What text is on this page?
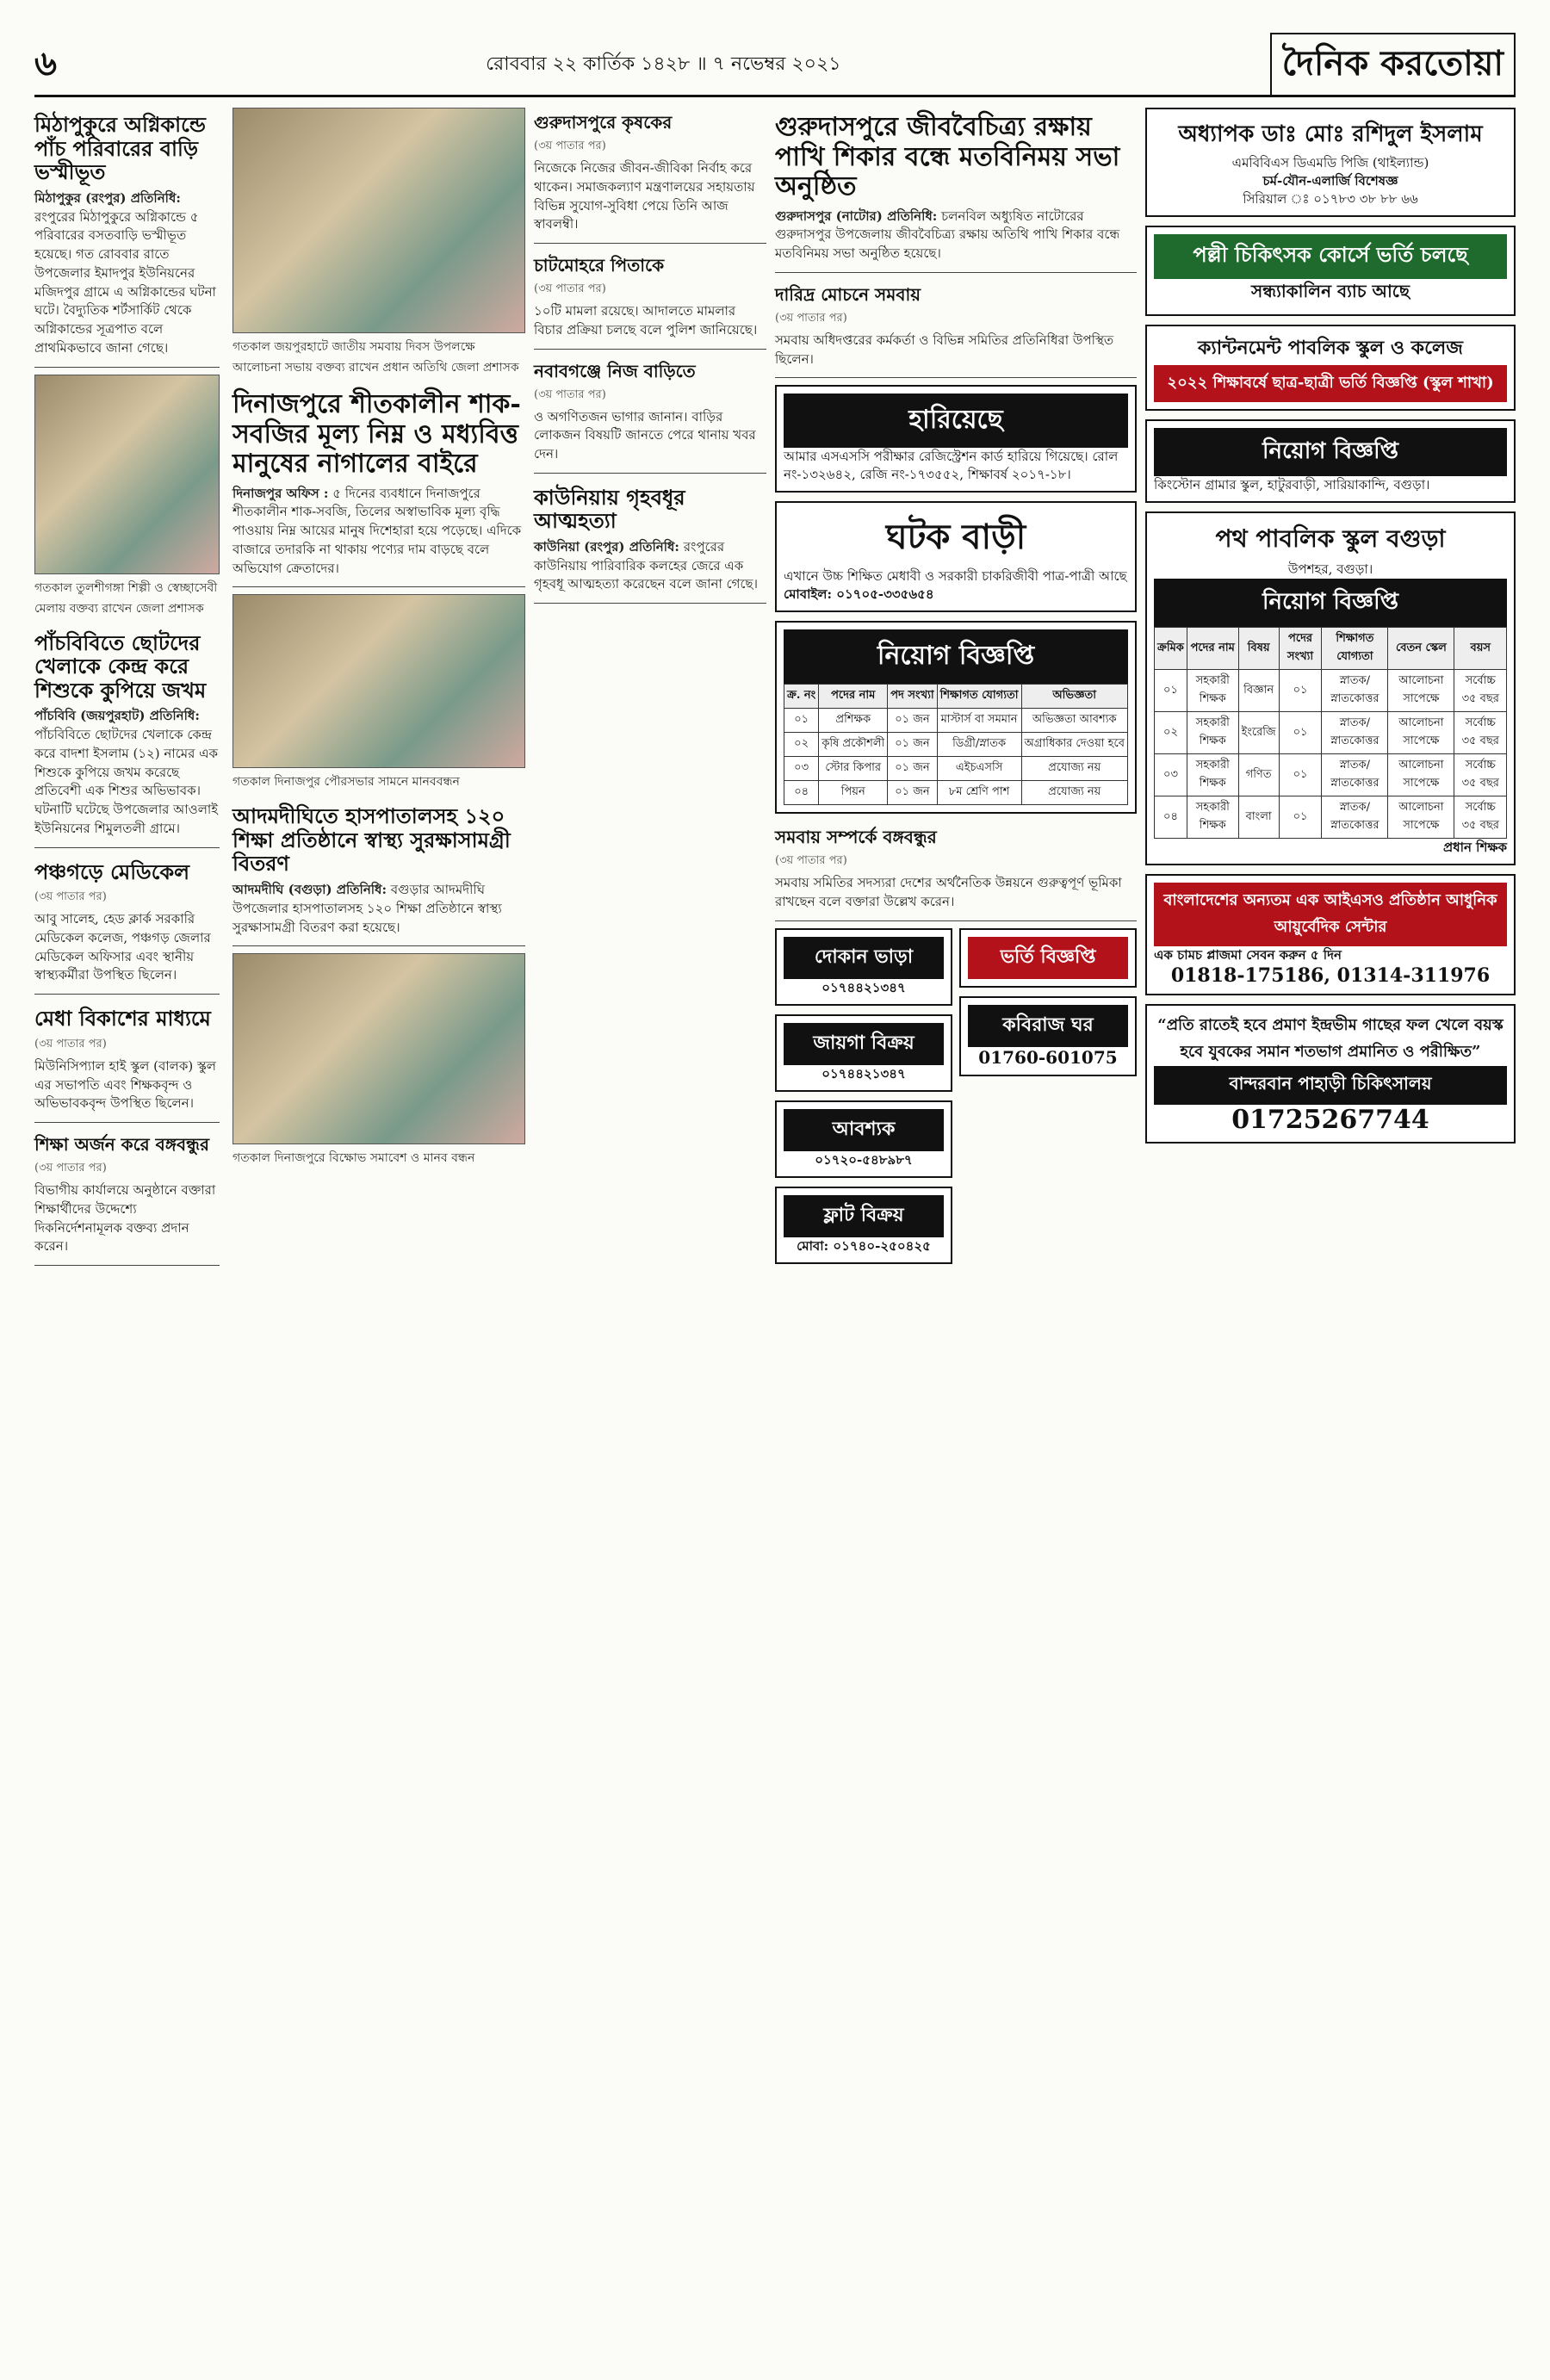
৬	রোববার ২২ কার্তিক ১৪২৮ ॥ ৭ নভেম্বর ২০২১	দৈনিক করতোয়া
মিঠাপুকুরে অগ্নিকান্ডে পাঁচ পরিবারের বাড়ি ভস্মীভূত
মিঠাপুকুর (রংপুর) প্রতিনিধি: রংপুরের মিঠাপুকুরে অগ্নিকান্ডে ৫ পরিবারের বসতবাড়ি ভস্মীভূত হয়েছে। গত রোববার রাতে উপজেলার ইমাদপুর ইউনিয়নের মজিদপুর গ্রামে এ অগ্নিকান্ডের ঘটনা ঘটে। বৈদ্যুতিক শর্টসার্কিট থেকে অগ্নিকান্ডের সূত্রপাত বলে প্রাথমিকভাবে জানা গেছে।
গতকাল তুলশীগঙ্গা শিল্পী ও স্বেচ্ছাসেবী মেলায় বক্তব্য রাখেন জেলা প্রশাসক
পাঁচবিবিতে ছোটদের খেলাকে কেন্দ্র করে শিশুকে কুপিয়ে জখম
পাঁচবিবি (জয়পুরহাট) প্রতিনিধি: পাঁচবিবিতে ছোটদের খেলাকে কেন্দ্র করে বাদশা ইসলাম (১২) নামের এক শিশুকে কুপিয়ে জখম করেছে প্রতিবেশী এক শিশুর অভিভাবক। ঘটনাটি ঘটেছে উপজেলার আওলাই ইউনিয়নের শিমুলতলী গ্রামে।
পঞ্চগড়ে মেডিকেল
(৩য় পাতার পর)
আবু সালেহ, হেড ক্লার্ক সরকারি মেডিকেল কলেজ, পঞ্চগড় জেলার মেডিকেল অফিসার এবং স্থানীয় স্বাস্থ্যকর্মীরা উপস্থিত ছিলেন।
মেধা বিকাশের মাধ্যমে
(৩য় পাতার পর)
মিউনিসিপ্যাল হাই স্কুল (বালক) স্কুল এর সভাপতি এবং শিক্ষকবৃন্দ ও অভিভাবকবৃন্দ উপস্থিত ছিলেন।
শিক্ষা অর্জন করে বঙ্গবন্ধুর
(৩য় পাতার পর)
বিভাগীয় কার্যালয়ে অনুষ্ঠানে বক্তারা শিক্ষার্থীদের উদ্দেশ্যে দিকনির্দেশনামূলক বক্তব্য প্রদান করেন।
গতকাল জয়পুরহাটে জাতীয় সমবায় দিবস উপলক্ষে আলোচনা সভায় বক্তব্য রাখেন প্রধান অতিথি জেলা প্রশাসক
দিনাজপুরে শীতকালীন শাক-সবজির মূল্য নিম্ন ও মধ্যবিত্ত মানুষের নাগালের বাইরে
দিনাজপুর অফিস : ৫ দিনের ব্যবধানে দিনাজপুরে শীতকালীন শাক-সবজি, তিলের অস্বাভাবিক মূল্য বৃদ্ধি পাওয়ায় নিম্ন আয়ের মানুষ দিশেহারা হয়ে পড়েছে। এদিকে বাজারে তদারকি না থাকায় পণ্যের দাম বাড়ছে বলে অভিযোগ ক্রেতাদের।
গতকাল দিনাজপুর পৌরসভার সামনে মানববন্ধন
আদমদীঘিতে হাসপাতালসহ ১২০ শিক্ষা প্রতিষ্ঠানে স্বাস্থ্য সুরক্ষাসামগ্রী বিতরণ
আদমদীঘি (বগুড়া) প্রতিনিধি: বগুড়ার আদমদীঘি উপজেলার হাসপাতালসহ ১২০ শিক্ষা প্রতিষ্ঠানে স্বাস্থ্য সুরক্ষাসামগ্রী বিতরণ করা হয়েছে।
গতকাল দিনাজপুরে বিক্ষোভ সমাবেশ ও মানব বন্ধন
গুরুদাসপুরে কৃষকের
(৩য় পাতার পর)
নিজেকে নিজের জীবন-জীবিকা নির্বাহ করে থাকেন। সমাজকল্যাণ মন্ত্রণালয়ের সহায়তায় বিভিন্ন সুযোগ-সুবিধা পেয়ে তিনি আজ স্বাবলম্বী।
চাটমোহরে পিতাকে
(৩য় পাতার পর)
১০টি মামলা রয়েছে। আদালতে মামলার বিচার প্রক্রিয়া চলছে বলে পুলিশ জানিয়েছে।
নবাবগঞ্জে নিজ বাড়িতে
(৩য় পাতার পর)
ও অগণিতজন ভাগার জানান। বাড়ির লোকজন বিষয়টি জানতে পেরে থানায় খবর দেন।
কাউনিয়ায় গৃহবধূর আত্মহত্যা
কাউনিয়া (রংপুর) প্রতিনিধি: রংপুরের কাউনিয়ায় পারিবারিক কলহের জেরে এক গৃহবধূ আত্মহত্যা করেছেন বলে জানা গেছে।
গুরুদাসপুরে জীববৈচিত্র্য রক্ষায় পাখি শিকার বন্ধে মতবিনিময় সভা অনুষ্ঠিত
গুরুদাসপুর (নাটোর) প্রতিনিধি: চলনবিল অধ্যুষিত নাটোরের গুরুদাসপুর উপজেলায় জীববৈচিত্র্য রক্ষায় অতিথি পাখি শিকার বন্ধে মতবিনিময় সভা অনুষ্ঠিত হয়েছে।
দারিদ্র মোচনে সমবায়
(৩য় পাতার পর)
সমবায় অধিদপ্তরের কর্মকর্তা ও বিভিন্ন সমিতির প্রতিনিধিরা উপস্থিত ছিলেন।
হারিয়েছে
আমার এসএসসি পরীক্ষার রেজিস্ট্রেশন কার্ড হারিয়ে গিয়েছে। রোল নং-১৩২৬৪২, রেজি নং-১৭৩৫৫২, শিক্ষাবর্ষ ২০১৭-১৮।
ঘটক বাড়ী
এখানে উচ্চ শিক্ষিত মেধাবী ও সরকারী চাকরিজীবী পাত্র-পাত্রী আছে
মোবাইল: ০১৭০৫-৩৩৫৬৫৪
নিয়োগ বিজ্ঞপ্তি
ক্র. নং	পদের নাম	পদ সংখ্যা	শিক্ষাগত যোগ্যতা	অভিজ্ঞতা
০১	প্রশিক্ষক	০১ জন	মাস্টার্স বা সমমান	অভিজ্ঞতা আবশ্যক
০২	কৃষি প্রকৌশলী	০১ জন	ডিগ্রী/স্নাতক	অগ্রাধিকার দেওয়া হবে
০৩	স্টোর কিপার	০১ জন	এইচএসসি	প্রযোজ্য নয়
০৪	পিয়ন	০১ জন	৮ম শ্রেণি পাশ	প্রযোজ্য নয়
সমবায় সম্পর্কে বঙ্গবন্ধুর
(৩য় পাতার পর)
সমবায় সমিতির সদস্যরা দেশের অর্থনৈতিক উন্নয়নে গুরুত্বপূর্ণ ভূমিকা রাখছেন বলে বক্তারা উল্লেখ করেন।
দোকান ভাড়া
০১৭৪৪২১৩৪৭
জায়গা বিক্রয়
০১৭৪৪২১৩৪৭
আবশ্যক
০১৭২০-৫৪৮৯৮৭
ফ্লাট বিক্রয়
মোবা: ০১৭৪০-২৫০৪২৫
ভর্তি বিজ্ঞপ্তি
কবিরাজ ঘর
01760-601075
অধ্যাপক ডাঃ মোঃ রশিদুল ইসলাম
এমবিবিএস ডিএমডি পিজি (থাইল্যান্ড)
চর্ম-যৌন-এলার্জি বিশেষজ্ঞ
সিরিয়াল ঃ ০১৭৮৩ ৩৮ ৮৮ ৬৬
পল্লী চিকিৎসক কোর্সে ভর্তি চলছে
সন্ধ্যাকালিন ব্যাচ আছে
ক্যান্টনমেন্ট পাবলিক স্কুল ও কলেজ
২০২২ শিক্ষাবর্ষে ছাত্র-ছাত্রী ভর্তি বিজ্ঞপ্তি (স্কুল শাখা)
নিয়োগ বিজ্ঞপ্তি
কিংস্টোন গ্রামার স্কুল, হাটুরবাড়ী, সারিয়াকান্দি, বগুড়া।
পথ পাবলিক স্কুল বগুড়া
উপশহর, বগুড়া।
নিয়োগ বিজ্ঞপ্তি
ক্রমিক	পদের নাম	বিষয়	পদের সংখ্যা	শিক্ষাগত যোগ্যতা	বেতন স্কেল	বয়স
০১	সহকারী শিক্ষক	বিজ্ঞান	০১	স্নাতক/স্নাতকোত্তর	আলোচনা সাপেক্ষে	সর্বোচ্চ ৩৫ বছর
০২	সহকারী শিক্ষক	ইংরেজি	০১	স্নাতক/স্নাতকোত্তর	আলোচনা সাপেক্ষে	সর্বোচ্চ ৩৫ বছর
০৩	সহকারী শিক্ষক	গণিত	০১	স্নাতক/স্নাতকোত্তর	আলোচনা সাপেক্ষে	সর্বোচ্চ ৩৫ বছর
০৪	সহকারী শিক্ষক	বাংলা	০১	স্নাতক/স্নাতকোত্তর	আলোচনা সাপেক্ষে	সর্বোচ্চ ৩৫ বছর
প্রধান শিক্ষক
বাংলাদেশের অন্যতম এক আইএসও প্রতিষ্ঠান আধুনিক আয়ুর্বেদিক সেন্টার
এক চামচ প্লাজমা সেবন করুন ৫ দিন
01818-175186, 01314-311976
“প্রতি রাতেই হবে প্রমাণ ইন্দ্রভীম গাছের ফল খেলে বয়স্ক হবে যুবকের সমান শতভাগ প্রমানিত ও পরীক্ষিত”
বান্দরবান পাহাড়ী চিকিৎসালয়
01725267744
